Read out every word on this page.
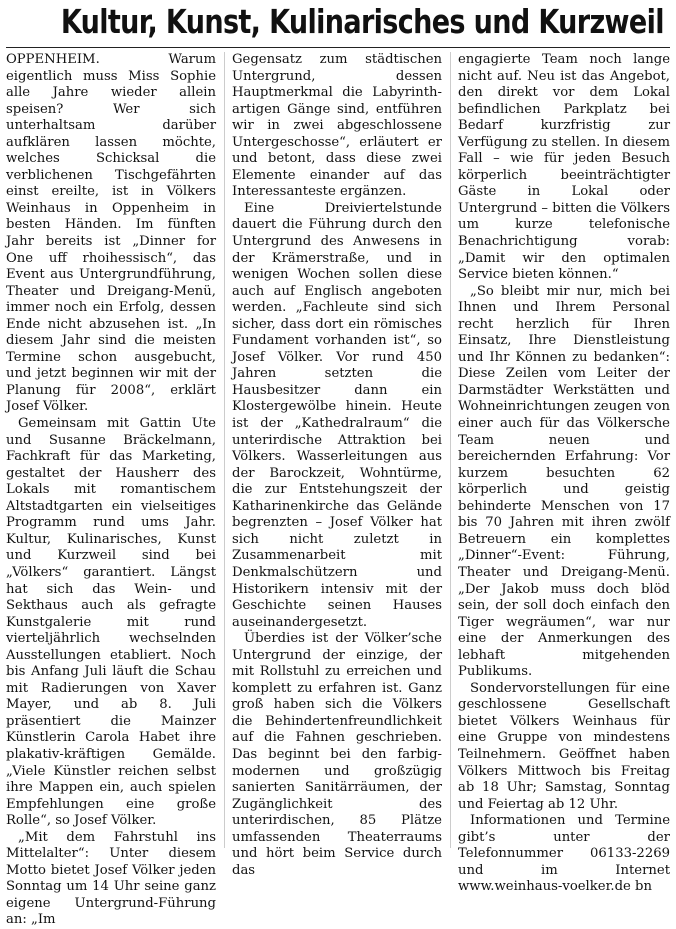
Kultur, Kunst, Kulinarisches und Kurzweil

OPPENHEIM. Warum eigentlich muss Miss Sophie alle Jahre wieder allein speisen? Wer sich unterhaltsam darüber aufklären lassen möchte, welches Schicksal die verblichenen Tischgefährten einst ereilte, ist in Völkers Weinhaus in Oppenheim in besten Händen. Im fünften Jahr bereits ist „Dinner for One uff rhoihessisch“, das Event aus Untergrundführung, Theater und Dreigang-Menü, immer noch ein Erfolg, dessen Ende nicht abzusehen ist. „In diesem Jahr sind die meisten Termine schon ausgebucht, und jetzt beginnen wir mit der Planung für 2008“, erklärt Josef Völker.

Gemeinsam mit Gattin Ute und Susanne Bräckelmann, Fachkraft für das Marketing, gestaltet der Hausherr des Lokals mit romantischem Altstadtgarten ein vielseitiges Programm rund ums Jahr. Kultur, Kulinarisches, Kunst und Kurzweil sind bei „Völkers“ garantiert. Längst hat sich das Wein- und Sekthaus auch als gefragte Kunstgalerie mit rund vierteljährlich wechselnden Ausstellungen etabliert. Noch bis Anfang Juli läuft die Schau mit Radierungen von Xaver Mayer, und ab 8. Juli präsentiert die Mainzer Künstlerin Carola Habet ihre plakativ-kräftigen Gemälde. „Viele Künstler reichen selbst ihre Mappen ein, auch spielen Empfehlungen eine große Rolle“, so Josef Völker.

„Mit dem Fahrstuhl ins Mittelalter“: Unter diesem Motto bietet Josef Völker jeden Sonntag um 14 Uhr seine ganz eigene Untergrund-Führung an: „Im

Gegensatz zum städtischen Untergrund, dessen Hauptmerkmal die Labyrinth-artigen Gänge sind, entführen wir in zwei abgeschlossene Untergeschosse“, erläutert er und betont, dass diese zwei Elemente einander auf das Interessanteste ergänzen.

Eine Dreiviertelstunde dauert die Führung durch den Untergrund des Anwesens in der Krämerstraße, und in wenigen Wochen sollen diese auch auf Englisch angeboten werden. „Fachleute sind sich sicher, dass dort ein römisches Fundament vorhanden ist“, so Josef Völker. Vor rund 450 Jahren setzten die Hausbesitzer dann ein Klostergewölbe hinein. Heute ist der „Kathedralraum“ die unterirdische Attraktion bei Völkers. Wasserleitungen aus der Barockzeit, Wohntürme, die zur Entstehungszeit der Katharinenkirche das Gelände begrenzten – Josef Völker hat sich nicht zuletzt in Zusammenarbeit mit Denkmalschützern und Historikern intensiv mit der Geschichte seinen Hauses auseinandergesetzt.

Überdies ist der Völker’sche Untergrund der einzige, der mit Rollstuhl zu erreichen und komplett zu erfahren ist. Ganz groß haben sich die Völkers die Behindertenfreundlichkeit auf die Fahnen geschrieben. Das beginnt bei den farbig-modernen und großzügig sanierten Sanitärräumen, der Zugänglichkeit des unterirdischen, 85 Plätze umfassenden Theaterraums und hört beim Service durch das

engagierte Team noch lange nicht auf. Neu ist das Angebot, den direkt vor dem Lokal befindlichen Parkplatz bei Bedarf kurzfristig zur Verfügung zu stellen. In diesem Fall – wie für jeden Besuch körperlich beeinträchtigter Gäste in Lokal oder Untergrund – bitten die Völkers um kurze telefonische Benachrichtigung vorab: „Damit wir den optimalen Service bieten können.“

„So bleibt mir nur, mich bei Ihnen und Ihrem Personal recht herzlich für Ihren Einsatz, Ihre Dienstleistung und Ihr Können zu bedanken“: Diese Zeilen vom Leiter der Darmstädter Werkstätten und Wohneinrichtungen zeugen von einer auch für das Völkersche Team neuen und bereichernden Erfahrung: Vor kurzem besuchten 62 körperlich und geistig behinderte Menschen von 17 bis 70 Jahren mit ihren zwölf Betreuern ein komplettes „Dinner“-Event: Führung, Theater und Dreigang-Menü. „Der Jakob muss doch blöd sein, der soll doch einfach den Tiger wegräumen“, war nur eine der Anmerkungen des lebhaft mitgehenden Publikums.

Sondervorstellungen für eine geschlossene Gesellschaft bietet Völkers Weinhaus für eine Gruppe von mindestens Teilnehmern. Geöffnet haben Völkers Mittwoch bis Freitag ab 18 Uhr; Samstag, Sonntag und Feiertag ab 12 Uhr.

Informationen und Termine gibt’s unter der Telefonnummer 06133-2269 und im Internet www.weinhaus-voelker.de bn
